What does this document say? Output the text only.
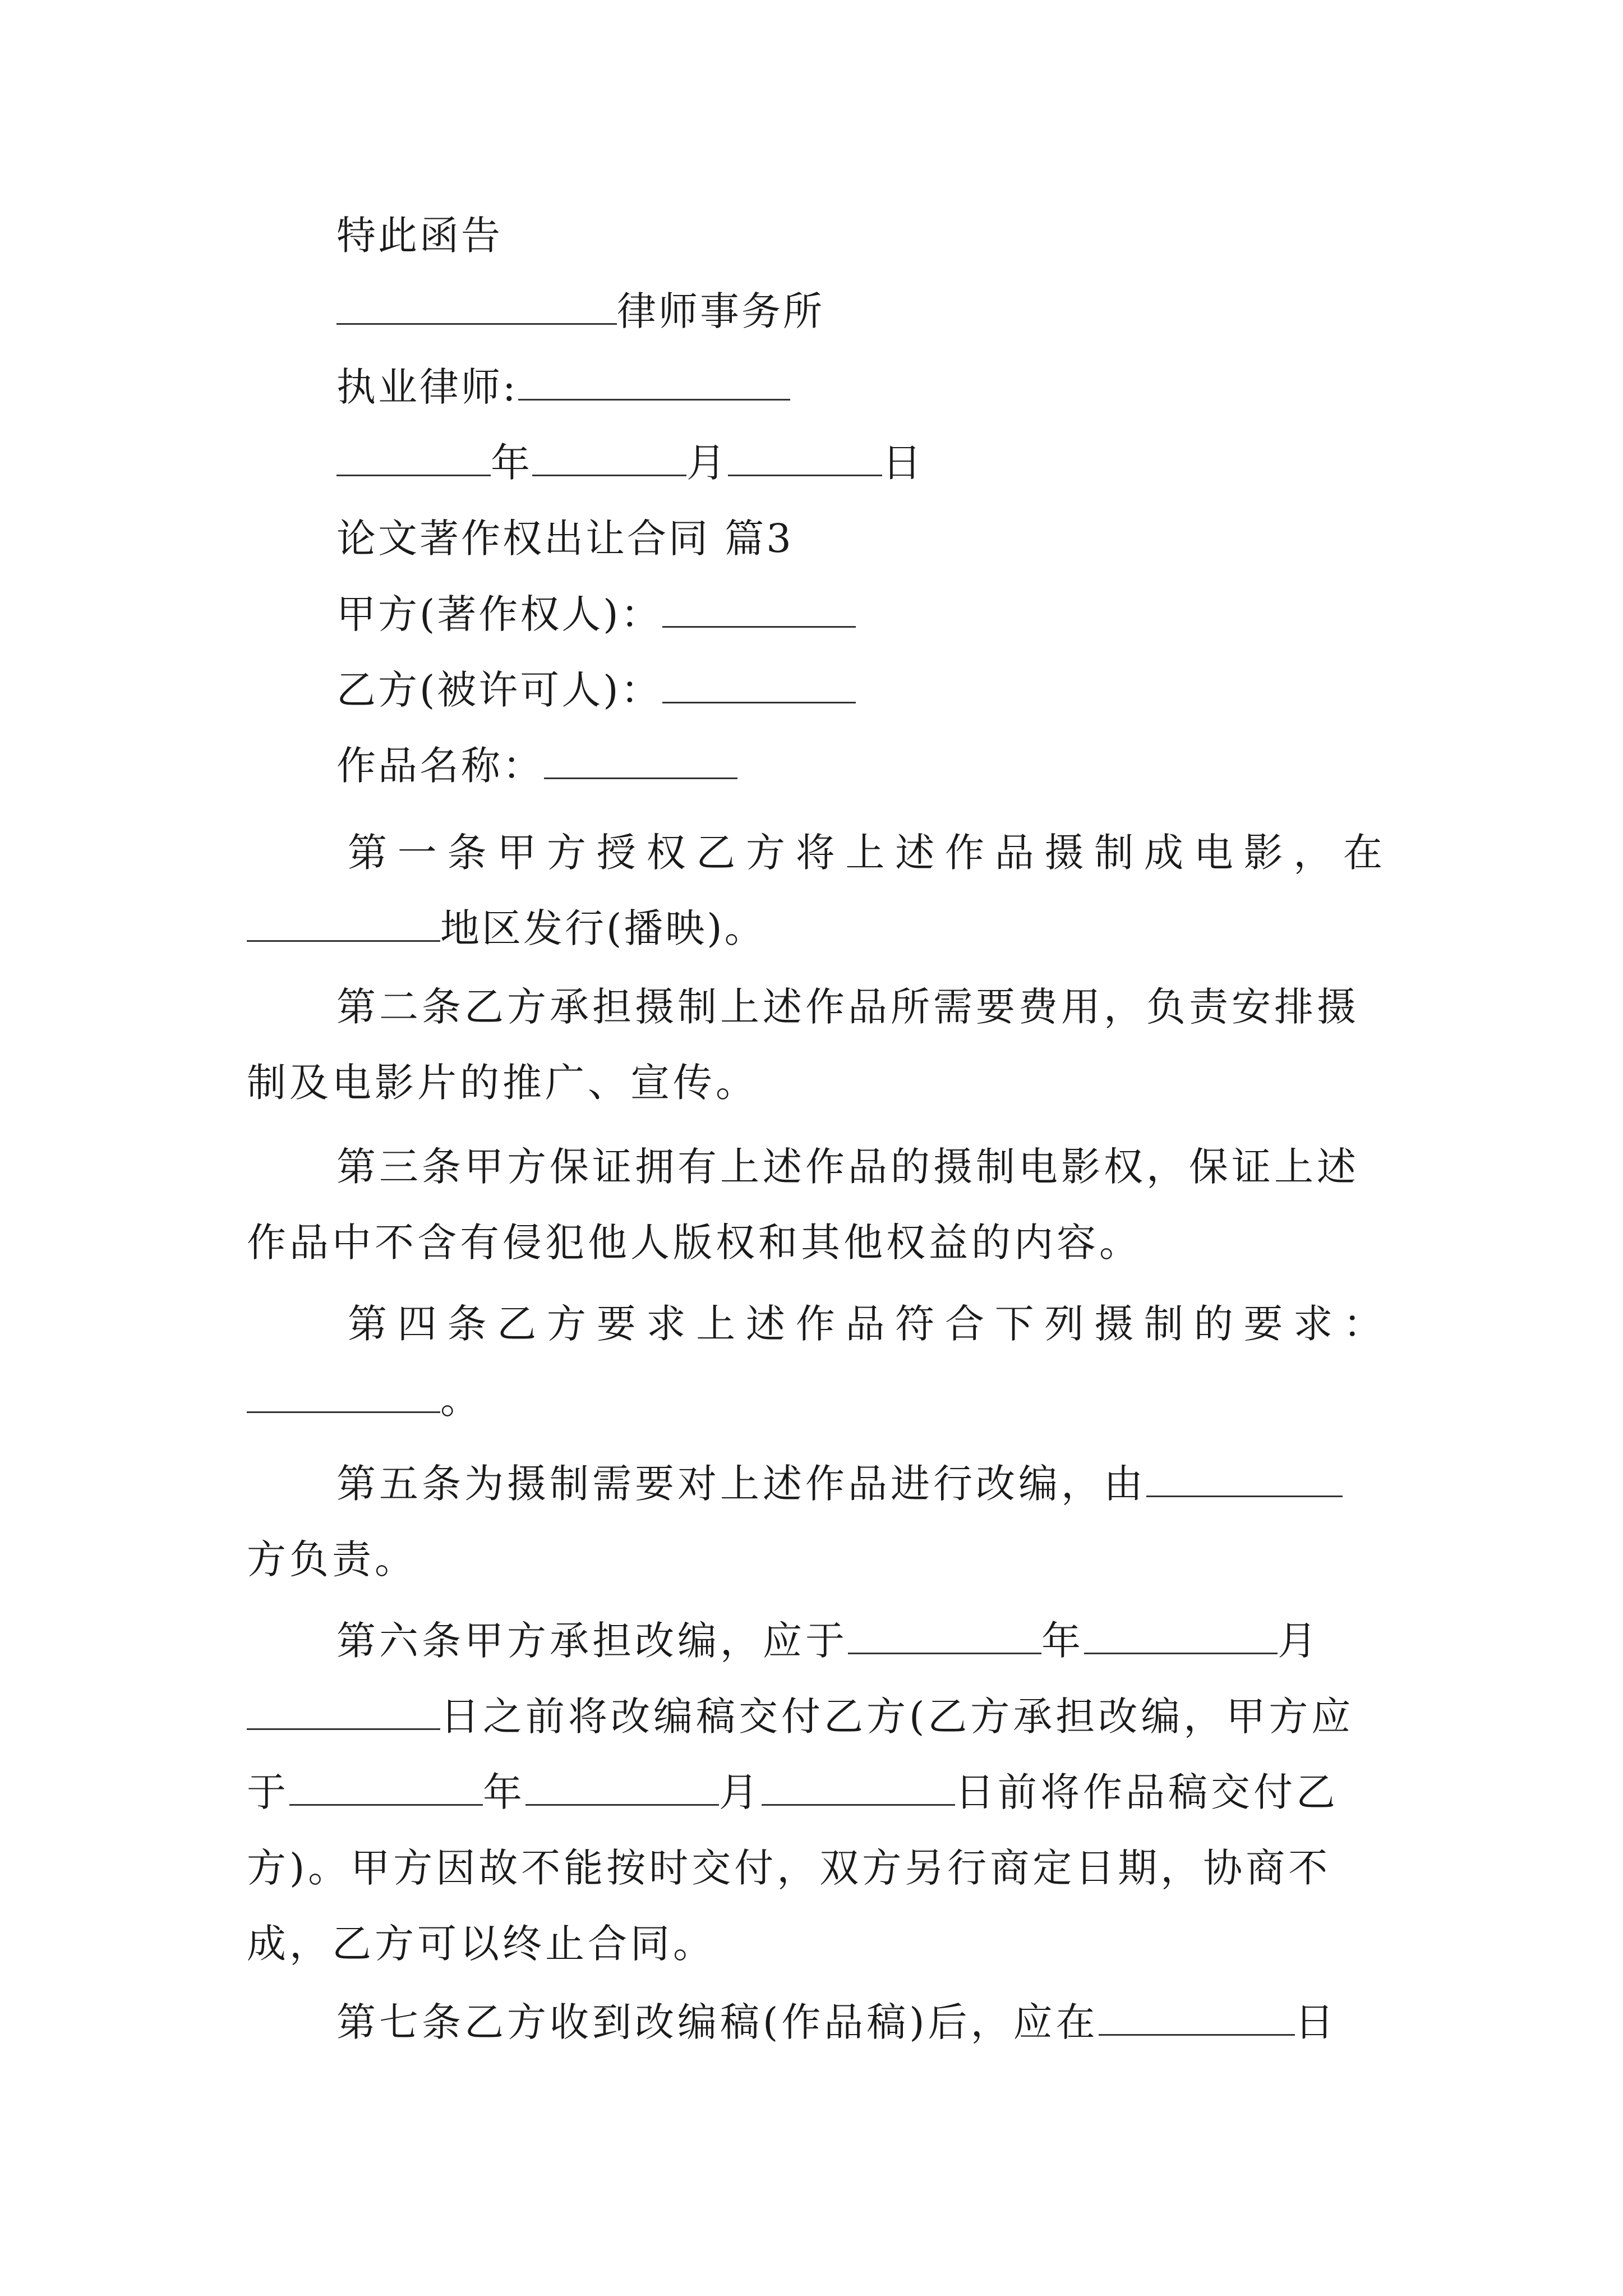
特此函告
律师事务所
执业律师:
年	月	日
论文著作权出让合同 篇3
甲方(著作权人)：
乙方(被许可人)：
作品名称：
第 一 条 甲 方 授 权 乙 方 将 上 述 作 品 摄 制 成 电 影 ， 在
地区发行(播映)。
第二条乙方承担摄制上述作品所需要费用，负责安排摄
制及电影片的推广、宣传。
第三条甲方保证拥有上述作品的摄制电影权，保证上述
作品中不含有侵犯他人版权和其他权益的内容。
第 四 条 乙 方 要 求 上 述 作 品 符 合 下 列 摄 制 的 要 求 ：
。
第五条为摄制需要对上述作品进行改编，由
方负责。
第六条甲方承担改编，应于	年	月
日之前将改编稿交付乙方(乙方承担改编，甲方应
于	年	月	日前将作品稿交付乙
方)。甲方因故不能按时交付，双方另行商定日期，协商不
成，乙方可以终止合同。
第七条乙方收到改编稿(作品稿)后，应在	日
